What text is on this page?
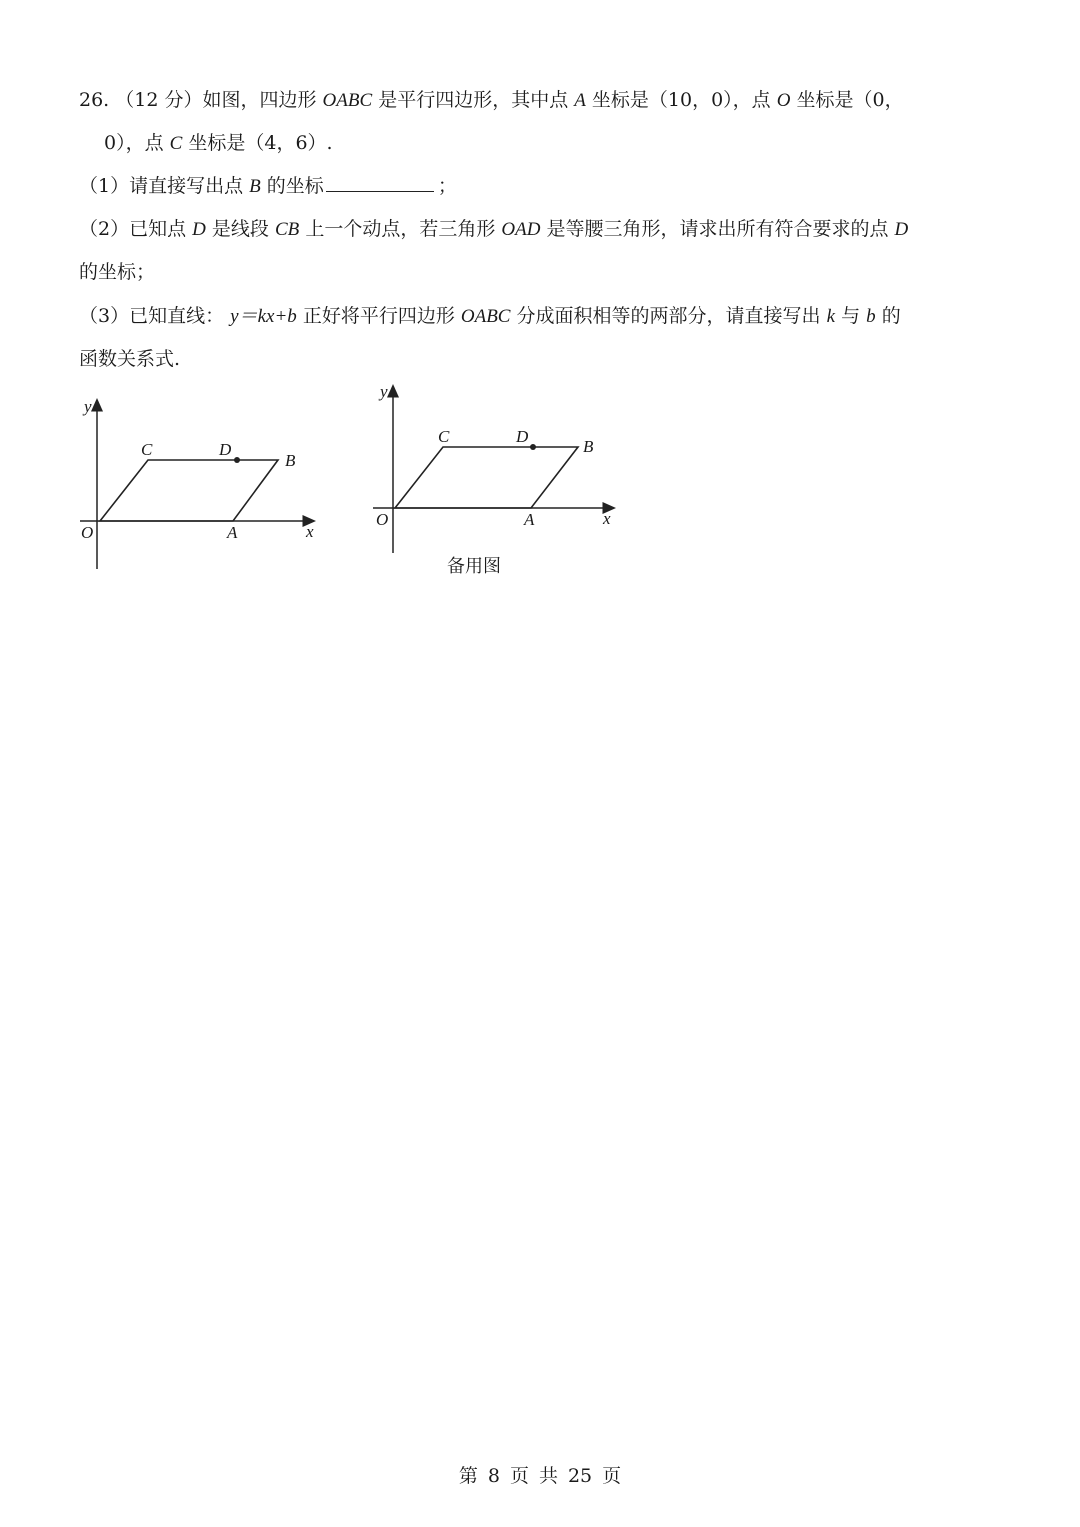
26. （12 分）如图，四边形 OABC 是平行四边形，其中点 A 坐标是（10，0），点 O 坐标是（0，
0），点 C 坐标是（4，6）.
（1）请直接写出点 B 的坐标	；
（2）已知点 D 是线段 CB 上一个动点，若三角形 OAD 是等腰三角形，请求出所有符合要求的点 D
的坐标；
（3）已知直线： y＝kx+b 正好将平行四边形 OABC 分成面积相等的两部分，请直接写出 k 与 b 的
函数关系式.
y
x
O	A
B
C	D
y
x
O	A
B
C	D
备用图
第 8 页 共 25 页
